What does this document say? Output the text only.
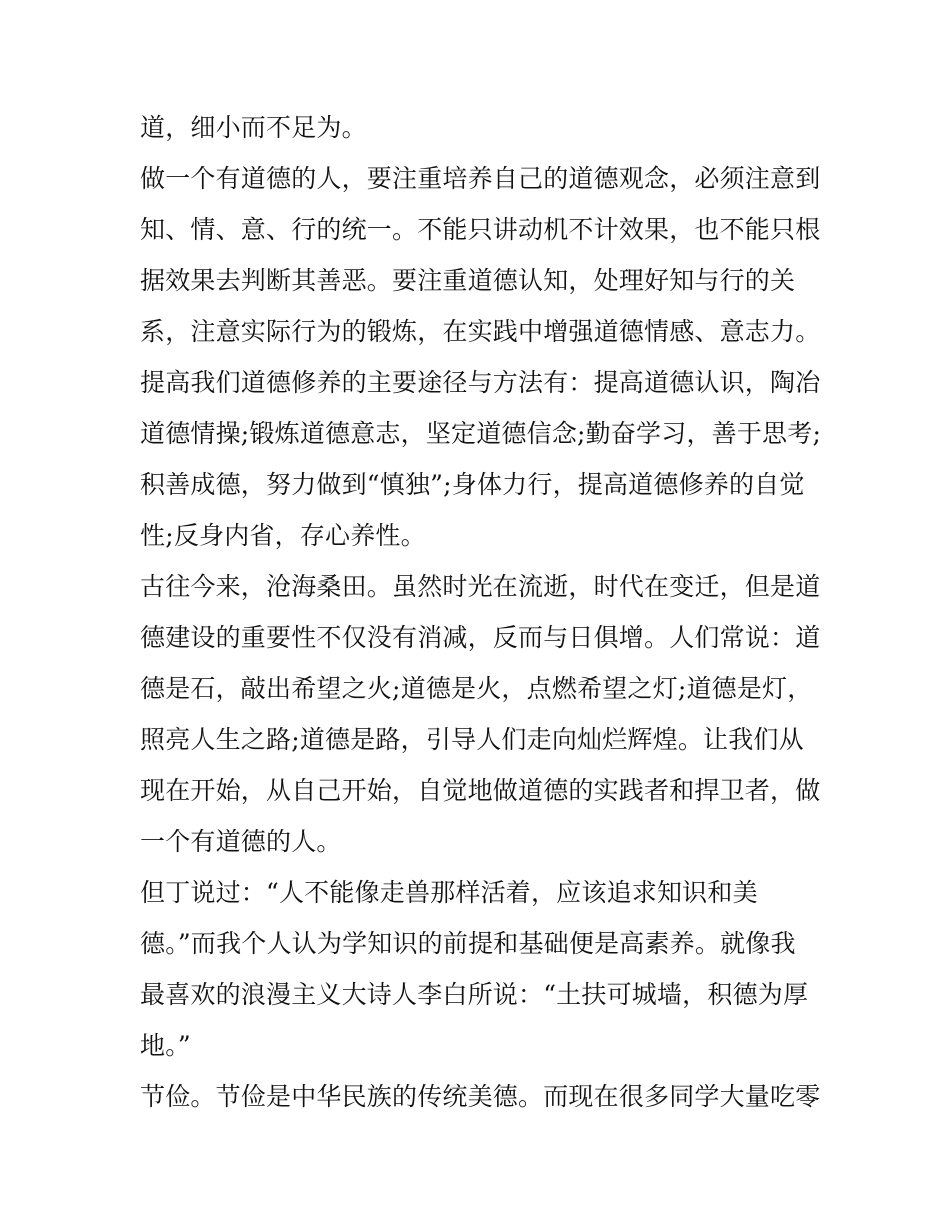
道，细小而不足为。
做一个有道德的人，要注重培养自己的道德观念，必须注意到
知、情、意、行的统一。不能只讲动机不计效果，也不能只根
据效果去判断其善恶。要注重道德认知，处理好知与行的关
系，注意实际行为的锻炼，在实践中增强道德情感、意志力。
提高我们道德修养的主要途径与方法有：提高道德认识，陶冶
道德情操;锻炼道德意志，坚定道德信念;勤奋学习，善于思考;
积善成德，努力做到“慎独”;身体力行，提高道德修养的自觉
性;反身内省，存心养性。
古往今来，沧海桑田。虽然时光在流逝，时代在变迁，但是道
德建设的重要性不仅没有消减，反而与日俱增。人们常说：道
德是石，敲出希望之火;道德是火，点燃希望之灯;道德是灯，
照亮人生之路;道德是路，引导人们走向灿烂辉煌。让我们从
现在开始，从自己开始，自觉地做道德的实践者和捍卫者，做
一个有道德的人。
但丁说过：“人不能像走兽那样活着，应该追求知识和美
德。”而我个人认为学知识的前提和基础便是高素养。就像我
最喜欢的浪漫主义大诗人李白所说：“土扶可城墙，积德为厚
地。”
节俭。节俭是中华民族的传统美德。而现在很多同学大量吃零
